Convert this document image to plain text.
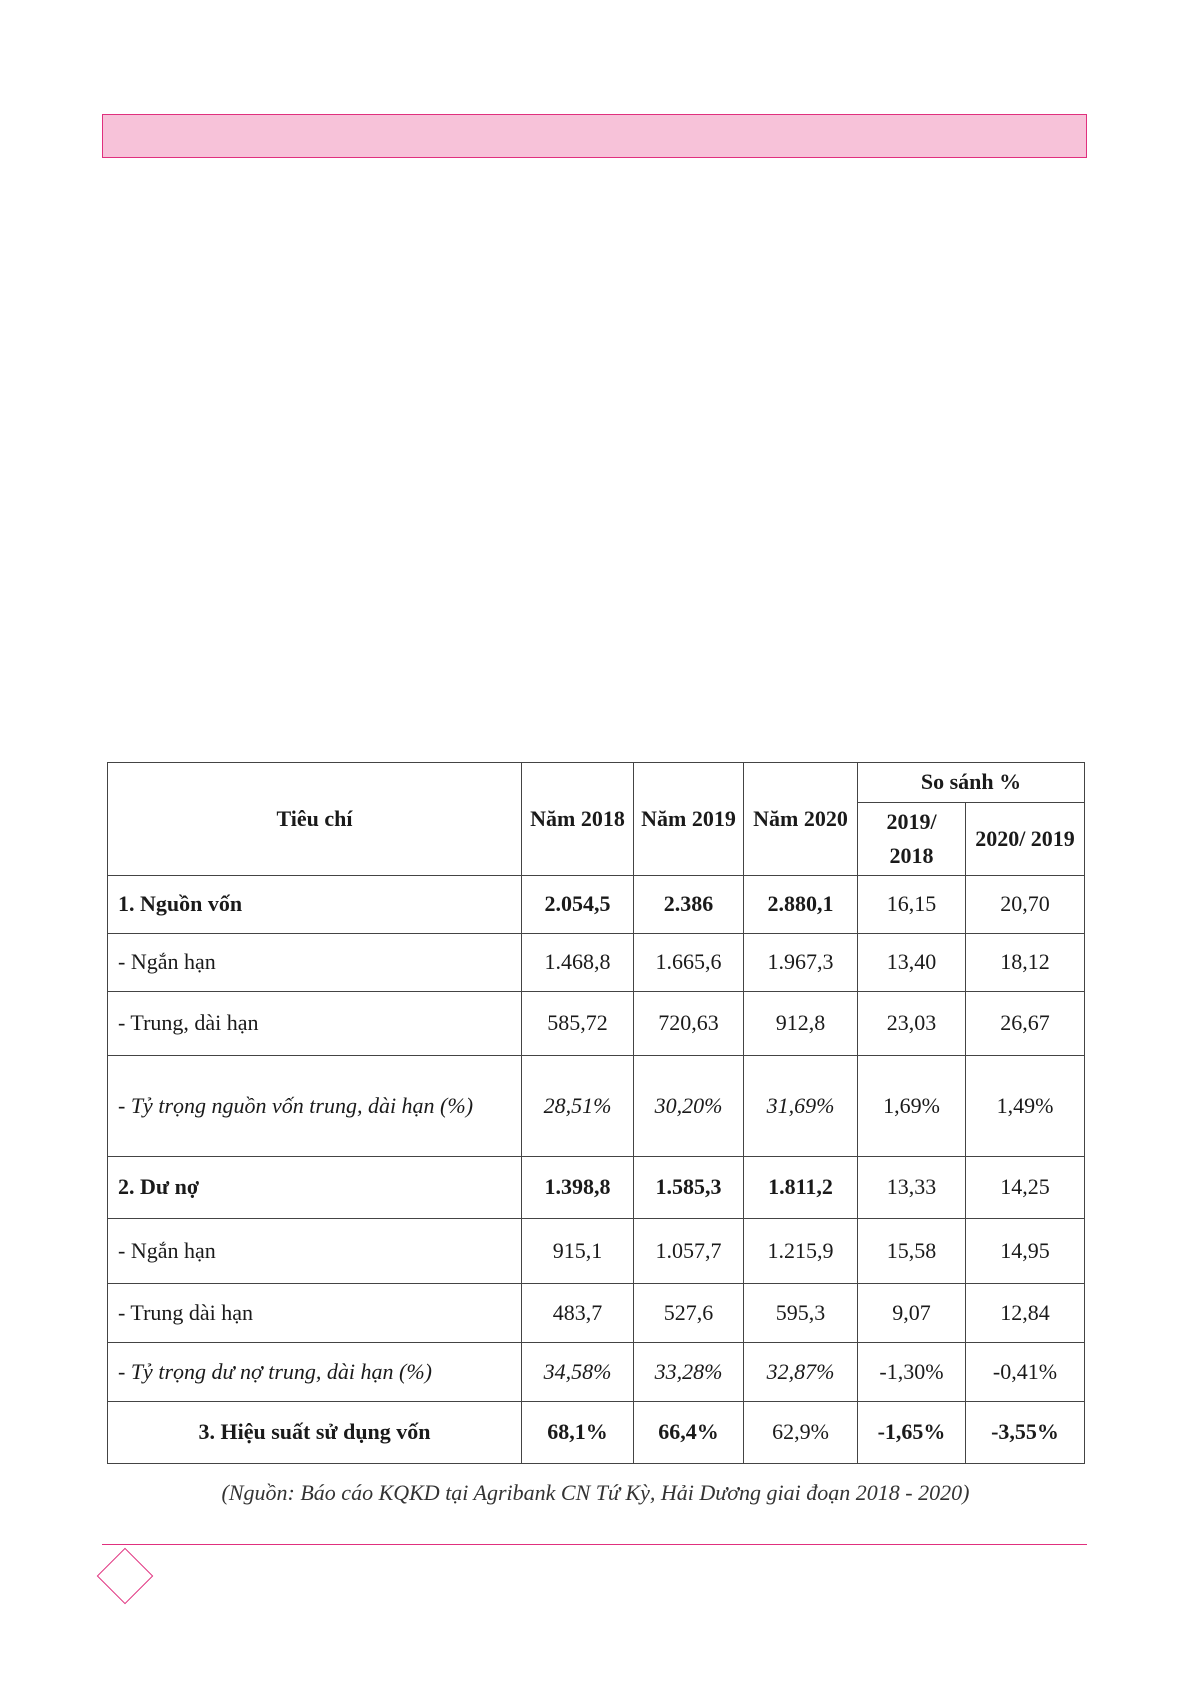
Tiêu chí	Năm 2018	Năm 2019	Năm 2020	So sánh %	
				2019/ 2018	2020/ 2019
1. Nguồn vốn	2.054,5	2.386	2.880,1	16,15	20,70
- Ngắn hạn	1.468,8	1.665,6	1.967,3	13,40	18,12
- Trung, dài hạn	585,72	720,63	912,8	23,03	26,67
- Tỷ trọng nguồn vốn trung, dài hạn (%)	28,51%	30,20%	31,69%	1,69%	1,49%
2. Dư nợ	1.398,8	1.585,3	1.811,2	13,33	14,25
- Ngắn hạn	915,1	1.057,7	1.215,9	15,58	14,95
- Trung dài hạn	483,7	527,6	595,3	9,07	12,84
- Tỷ trọng dư nợ trung, dài hạn (%)	34,58%	33,28%	32,87%	-1,30%	-0,41%
3. Hiệu suất sử dụng vốn	68,1%	66,4%	62,9%	-1,65%	-3,55%
(Nguồn: Báo cáo KQKD tại Agribank CN Tứ Kỳ, Hải Dương giai đoạn 2018 - 2020)
